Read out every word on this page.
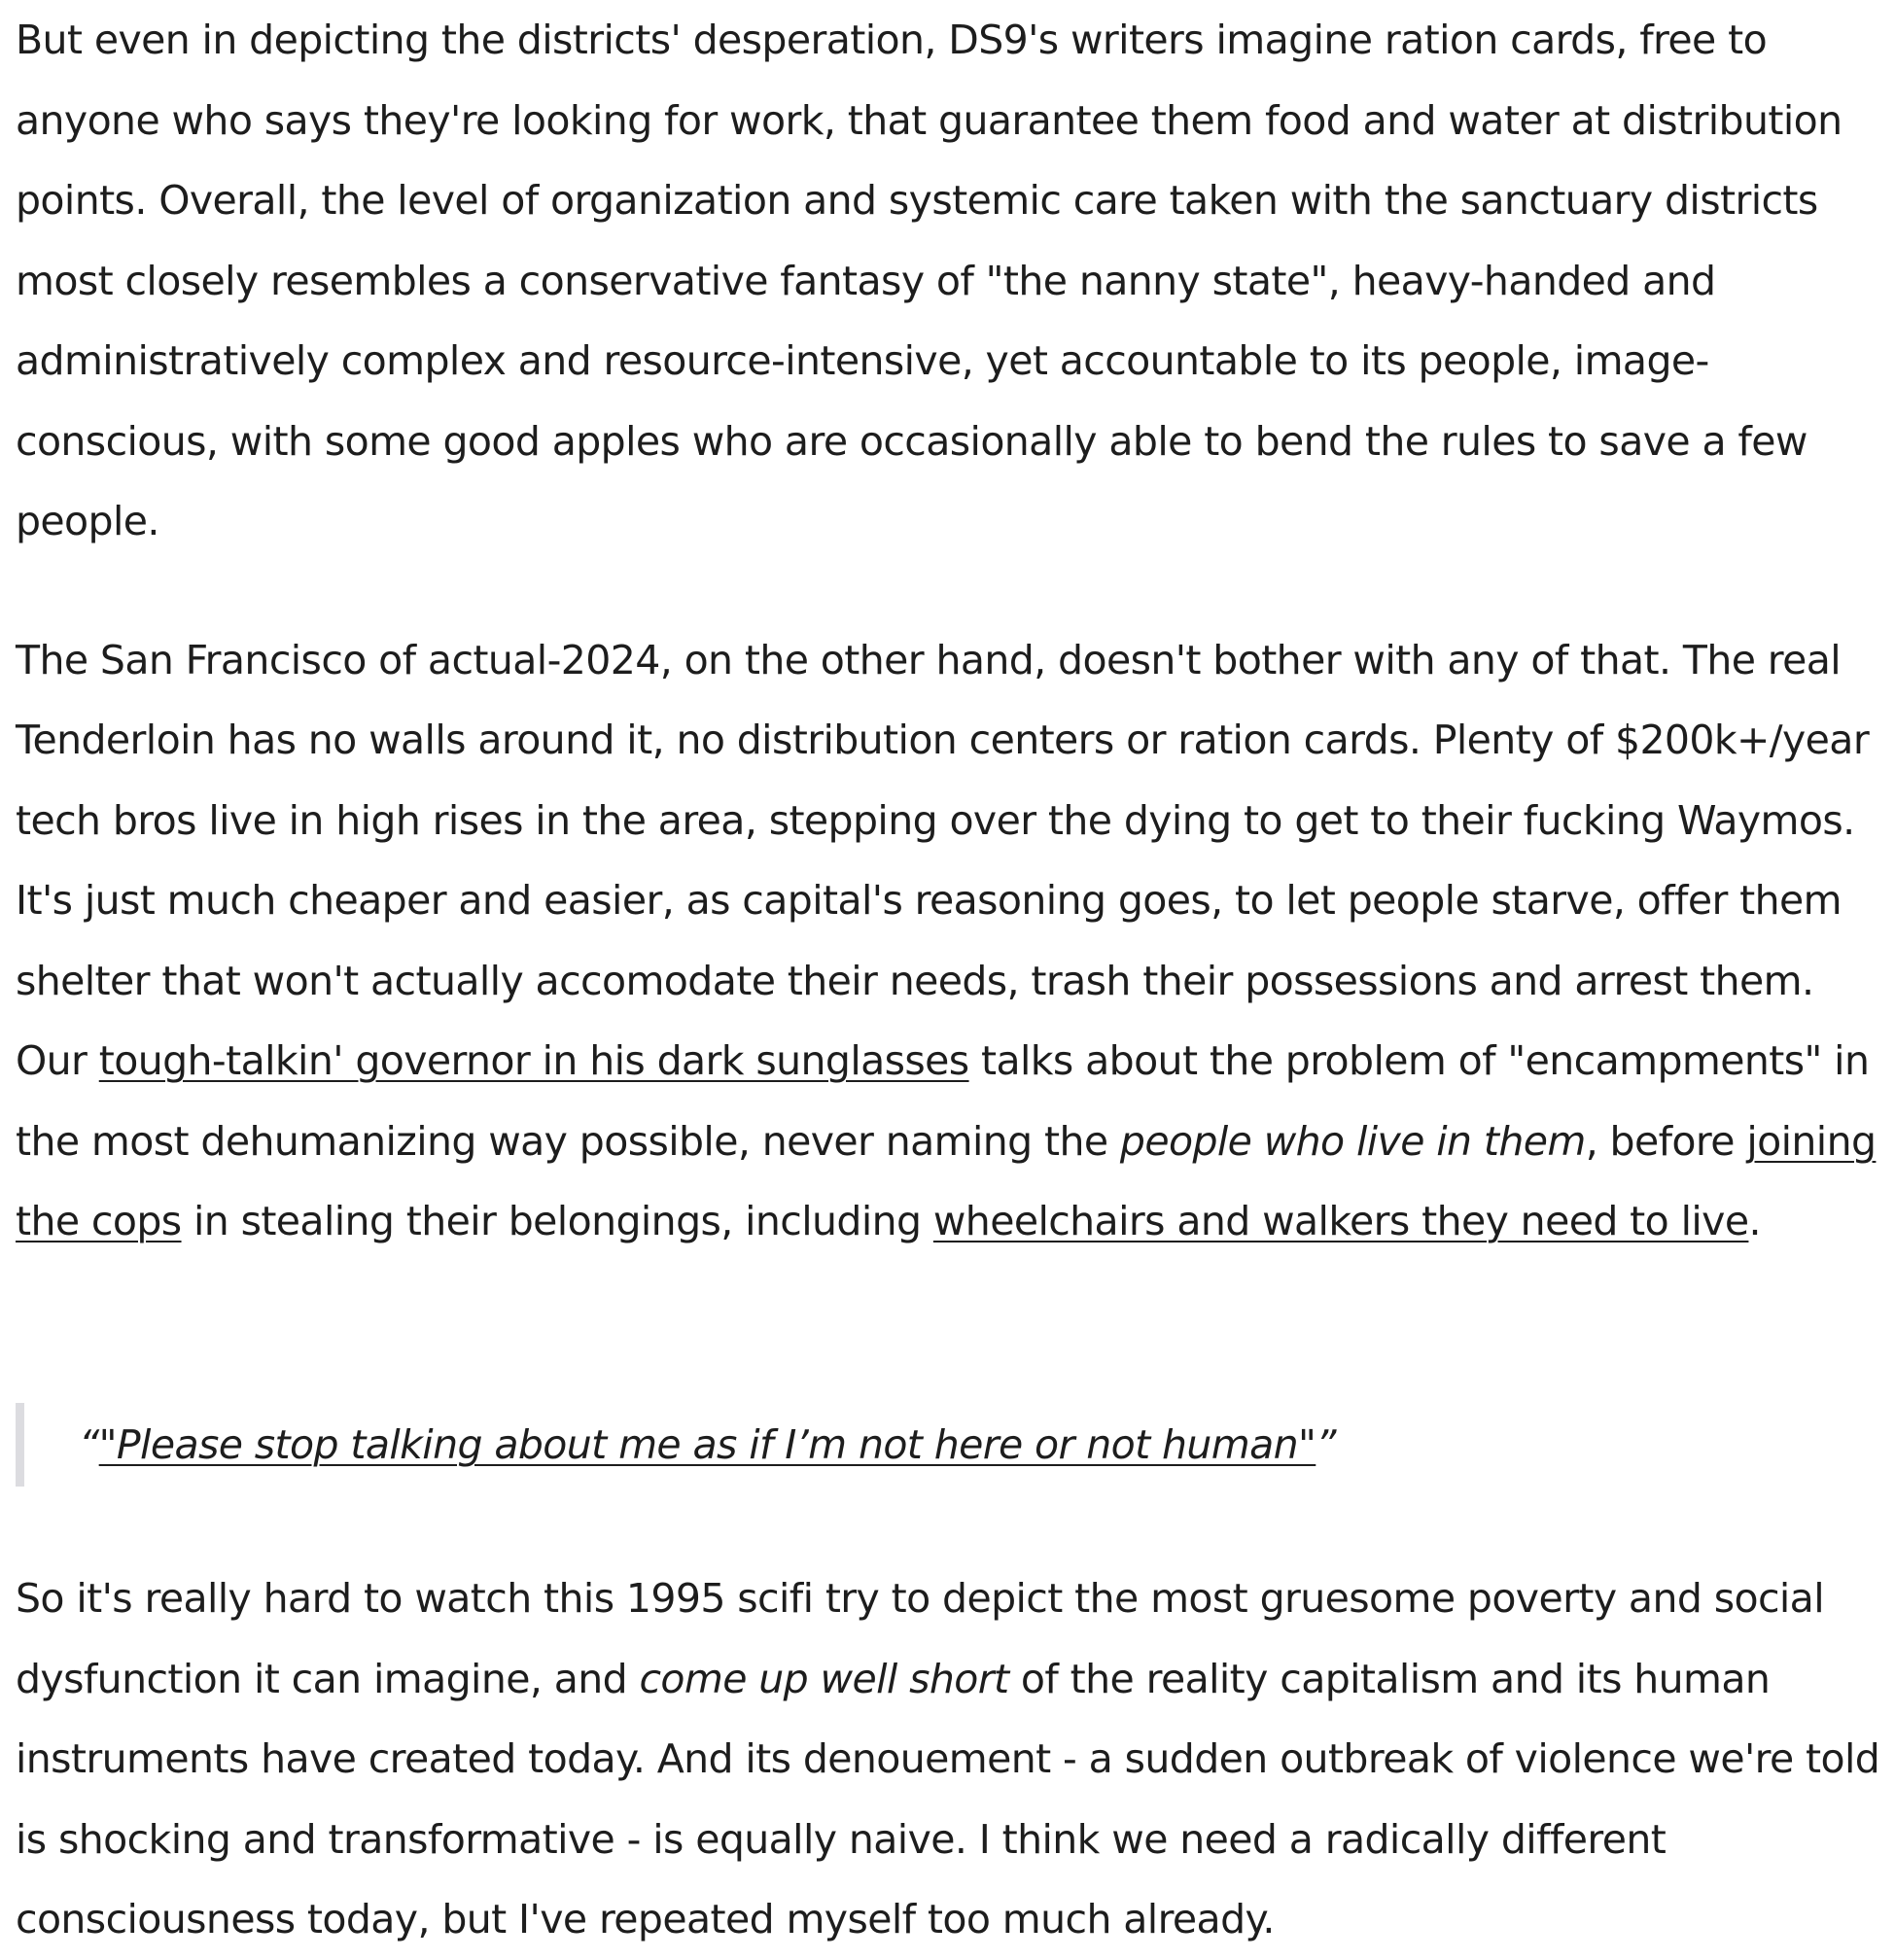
But even in depicting the districts' desperation, DS9's writers imagine ration cards, free to anyone who says they're looking for work, that guarantee them food and water at distribution points. Overall, the level of organization and systemic care taken with the sanctuary districts most closely resembles a conservative fantasy of "the nanny state", heavy-handed and administratively complex and resource-intensive, yet accountable to its people, image-conscious, with some good apples who are occasionally able to bend the rules to save a few people.

The San Francisco of actual-2024, on the other hand, doesn't bother with any of that. The real Tenderloin has no walls around it, no distribution centers or ration cards. Plenty of $200k+/year tech bros live in high rises in the area, stepping over the dying to get to their fucking Waymos. It's just much cheaper and easier, as capital's reasoning goes, to let people starve, offer them shelter that won't actually accomodate their needs, trash their possessions and arrest them. Our tough-talkin' governor in his dark sunglasses talks about the problem of "encampments" in the most dehumanizing way possible, never naming the people who live in them, before joining the cops in stealing their belongings, including wheelchairs and walkers they need to live.

“"Please stop talking about me as if I’m not here or not human"”

So it's really hard to watch this 1995 scifi try to depict the most gruesome poverty and social dysfunction it can imagine, and come up well short of the reality capitalism and its human instruments have created today. And its denouement - a sudden outbreak of violence we're told is shocking and transformative - is equally naive. I think we need a radically different consciousness today, but I've repeated myself too much already.
